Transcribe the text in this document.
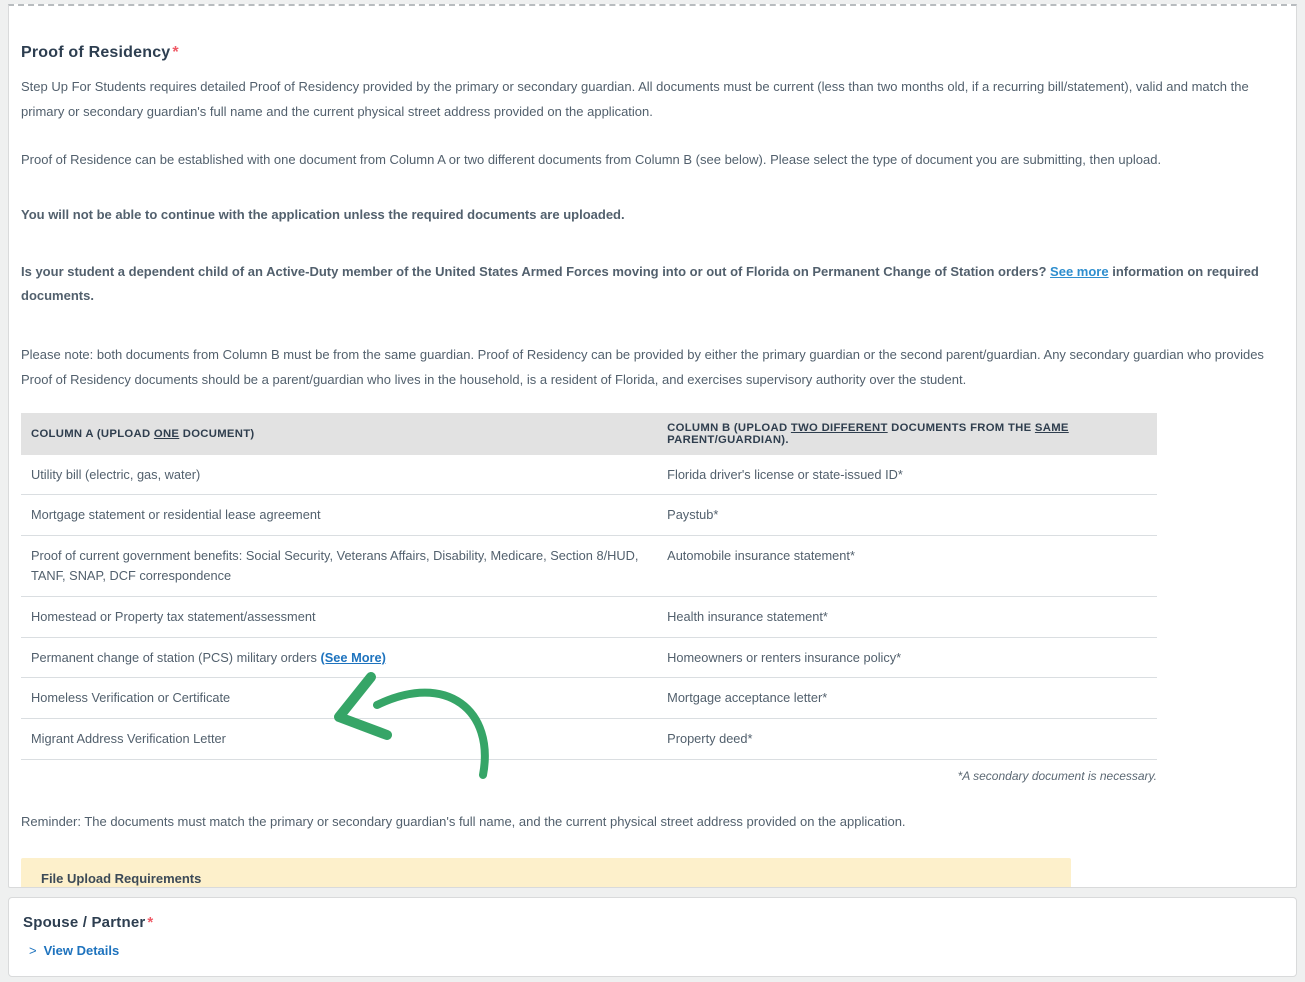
Proof of Residency *

Step Up For Students requires detailed Proof of Residency provided by the primary or secondary guardian. All documents must be current (less than two months old, if a recurring bill/statement), valid and match the primary or secondary guardian's full name and the current physical street address provided on the application.

Proof of Residence can be established with one document from Column A or two different documents from Column B (see below). Please select the type of document you are submitting, then upload.

You will not be able to continue with the application unless the required documents are uploaded.

Is your student a dependent child of an Active-Duty member of the United States Armed Forces moving into or out of Florida on Permanent Change of Station orders? See more information on required documents.

Please note: both documents from Column B must be from the same guardian. Proof of Residency can be provided by either the primary guardian or the second parent/guardian. Any secondary guardian who provides Proof of Residency documents should be a parent/guardian who lives in the household, is a resident of Florida, and exercises supervisory authority over the student.

COLUMN A (UPLOAD ONE DOCUMENT)	COLUMN B (UPLOAD TWO DIFFERENT DOCUMENTS FROM THE SAME PARENT/GUARDIAN).
Utility bill (electric, gas, water)	Florida driver's license or state-issued ID*
Mortgage statement or residential lease agreement	Paystub*
Proof of current government benefits: Social Security, Veterans Affairs, Disability, Medicare, Section 8/HUD, TANF, SNAP, DCF correspondence	Automobile insurance statement*
Homestead or Property tax statement/assessment	Health insurance statement*
Permanent change of station (PCS) military orders (See More)	Homeowners or renters insurance policy*
Homeless Verification or Certificate	Mortgage acceptance letter*
Migrant Address Verification Letter	Property deed*
*A secondary document is necessary.

Reminder: The documents must match the primary or secondary guardian's full name, and the current physical street address provided on the application.

File Upload Requirements
Spouse / Partner *
> View Details
